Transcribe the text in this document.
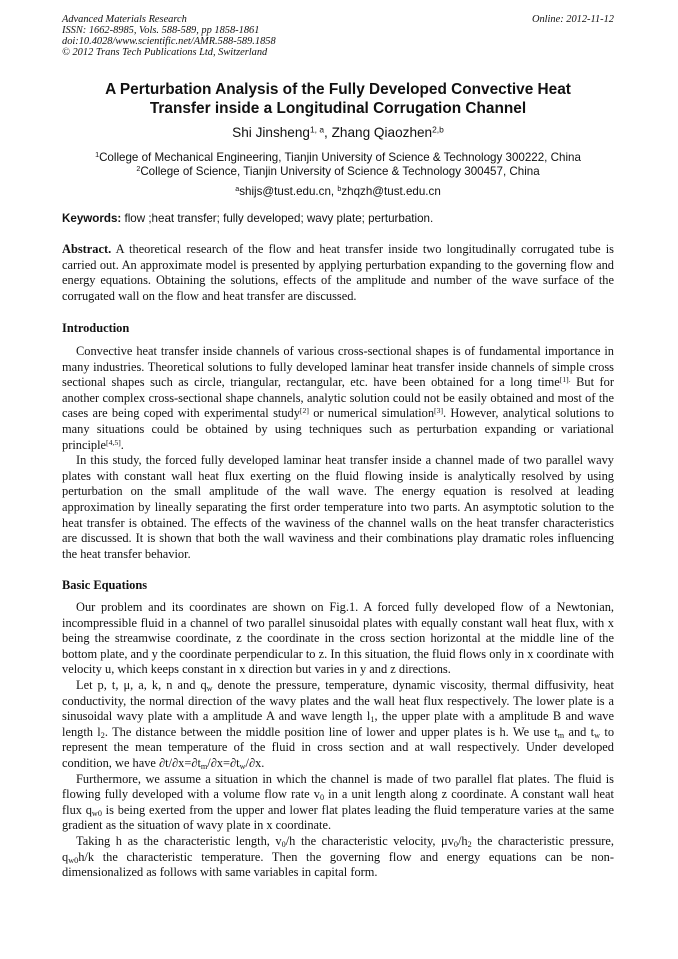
Advanced Materials Research	Online: 2012-11-12
ISSN: 1662-8985, Vols. 588-589, pp 1858-1861
doi:10.4028/www.scientific.net/AMR.588-589.1858
© 2012 Trans Tech Publications Ltd, Switzerland
A Perturbation Analysis of the Fully Developed Convective Heat
Transfer inside a Longitudinal Corrugation Channel
Shi Jinsheng$^{1, a}$, Zhang Qiaozhen$^{2,b}$
$^1$College of Mechanical Engineering, Tianjin University of Science & Technology 300222, China
$^2$College of Science, Tianjin University of Science & Technology 300457, China
$^a$shijs@tust.edu.cn, $^b$zhqzh@tust.edu.cn
Keywords: flow ;heat transfer; fully developed; wavy plate; perturbation.

Abstract. A theoretical research of the flow and heat transfer inside two longitudinally corrugated tube is carried out. An approximate model is presented by applying perturbation expanding to the governing flow and energy equations. Obtaining the solutions, effects of the amplitude and number of the wave surface of the corrugated wall on the flow and heat transfer are discussed.

Introduction

Convective heat transfer inside channels of various cross-sectional shapes is of fundamental importance in many industries. Theoretical solutions to fully developed laminar heat transfer inside channels of simple cross sectional shapes such as circle, triangular, rectangular, etc. have been obtained for a long time$^{[1].}$ But for another complex cross-sectional shape channels, analytic solution could not be easily obtained and most of the cases are being coped with experimental study[2] or numerical simulation[3]. However, analytical solutions to many situations could be obtained by using techniques such as perturbation expanding or variational principle[4,5].

In this study, the forced fully developed laminar heat transfer inside a channel made of two parallel wavy plates with constant wall heat flux exerting on the fluid flowing inside is analytically resolved by using perturbation on the small amplitude of the wall wave. The energy equation is resolved at leading approximation by lineally separating the first order temperature into two parts. An asymptotic solution to the heat transfer is obtained. The effects of the waviness of the channel walls on the heat transfer characteristics are discussed. It is shown that both the wall waviness and their combinations play dramatic roles influencing the heat transfer behavior.

Basic Equations

Our problem and its coordinates are shown on Fig.1. A forced fully developed flow of a Newtonian, incompressible fluid in a channel of two parallel sinusoidal plates with equally constant wall heat flux, with x being the streamwise coordinate, z the coordinate in the cross section horizontal at the middle line of the bottom plate, and y the coordinate perpendicular to z. In this situation, the fluid flows only in x coordinate with velocity u, which keeps constant in x direction but varies in y and z directions.

Let p, t, μ, a, k, n and $q_w$ denote the pressure, temperature, dynamic viscosity, thermal diffusivity, heat conductivity, the normal direction of the wavy plates and the wall heat flux respectively. The lower plate is a sinusoidal wavy plate with a amplitude A and wave length $l_1$, the upper plate with a amplitude B and wave length $l_2$. The distance between the middle position line of lower and upper plates is h. We use $t_m$ and $t_w$ to represent the mean temperature of the fluid in cross section and at wall respectively. Under developed condition, we have $\partial t/\partial x=\partial t_m/\partial x=\partial t_w/\partial x$.

Furthermore, we assume a situation in which the channel is made of two parallel flat plates. The fluid is flowing fully developed with a volume flow rate $v_0$ in a unit length along z coordinate. A constant wall heat flux $q_{w0}$ is being exerted from the upper and lower flat plates leading the fluid temperature varies at the same gradient as the situation of wavy plate in x coordinate.

Taking h as the characteristic length, $v_0/h$ the characteristic velocity, $\mu v_0/h_2$ the characteristic pressure, $q_{w0}h/k$ the characteristic temperature. Then the governing flow and energy equations can be non-dimensionalized as follows with same variables in capital form.
